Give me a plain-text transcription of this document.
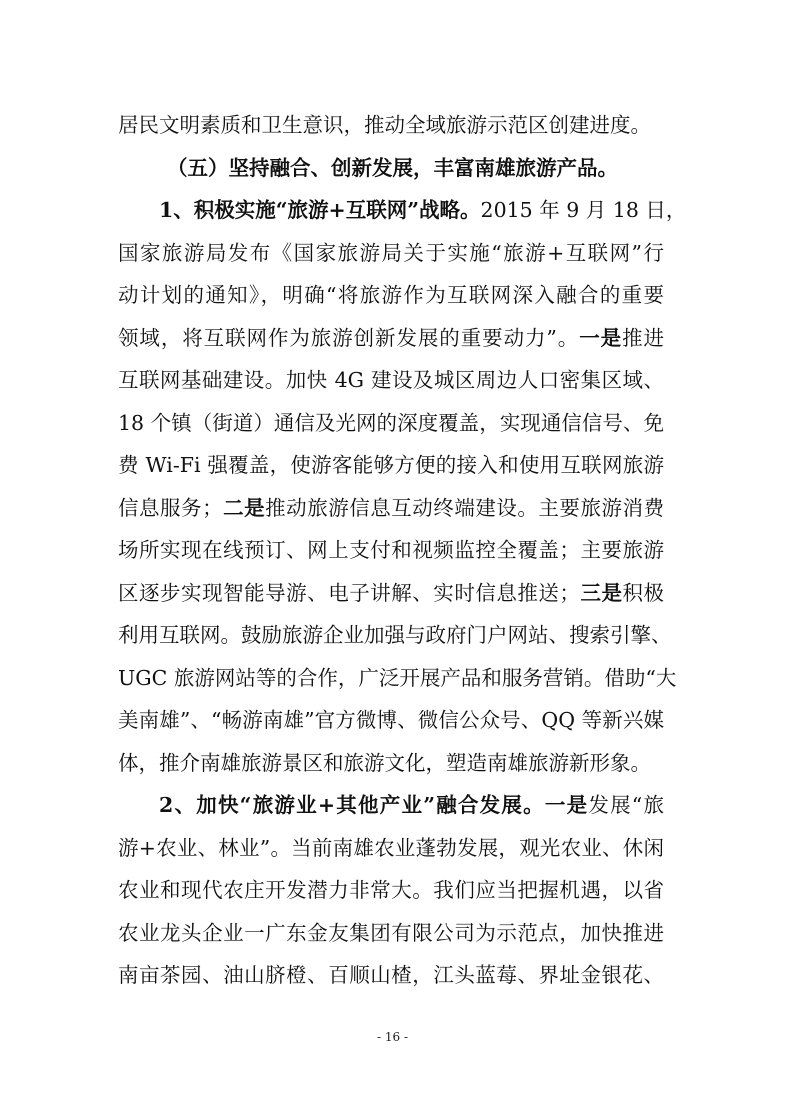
居民文明素质和卫生意识，推动全域旅游示范区创建进度。
（五）坚持融合、创新发展，丰富南雄旅游产品。
1、积极实施“旅游+互联网”战略。2015 年 9 月 18 日，
国家旅游局发布《国家旅游局关于实施“旅游+互联网”行
动计划的通知》，明确“将旅游作为互联网深入融合的重要
领域，将互联网作为旅游创新发展的重要动力”。一是推进
互联网基础建设。加快 4G 建设及城区周边人口密集区域、
18 个镇（街道）通信及光网的深度覆盖，实现通信信号、免
费 Wi-Fi 强覆盖，使游客能够方便的接入和使用互联网旅游
信息服务；二是推动旅游信息互动终端建设。主要旅游消费
场所实现在线预订、网上支付和视频监控全覆盖；主要旅游
区逐步实现智能导游、电子讲解、实时信息推送；三是积极
利用互联网。鼓励旅游企业加强与政府门户网站、搜索引擎、
UGC 旅游网站等的合作，广泛开展产品和服务营销。借助“大
美南雄”、“畅游南雄”官方微博、微信公众号、QQ 等新兴媒
体，推介南雄旅游景区和旅游文化，塑造南雄旅游新形象。
2、加快“旅游业+其他产业”融合发展。一是发展“旅
游+农业、林业”。当前南雄农业蓬勃发展，观光农业、休闲
农业和现代农庄开发潜力非常大。我们应当把握机遇，以省
农业龙头企业一广东金友集团有限公司为示范点，加快推进
南亩茶园、油山脐橙、百顺山楂，江头蓝莓、界址金银花、
- 16 -
